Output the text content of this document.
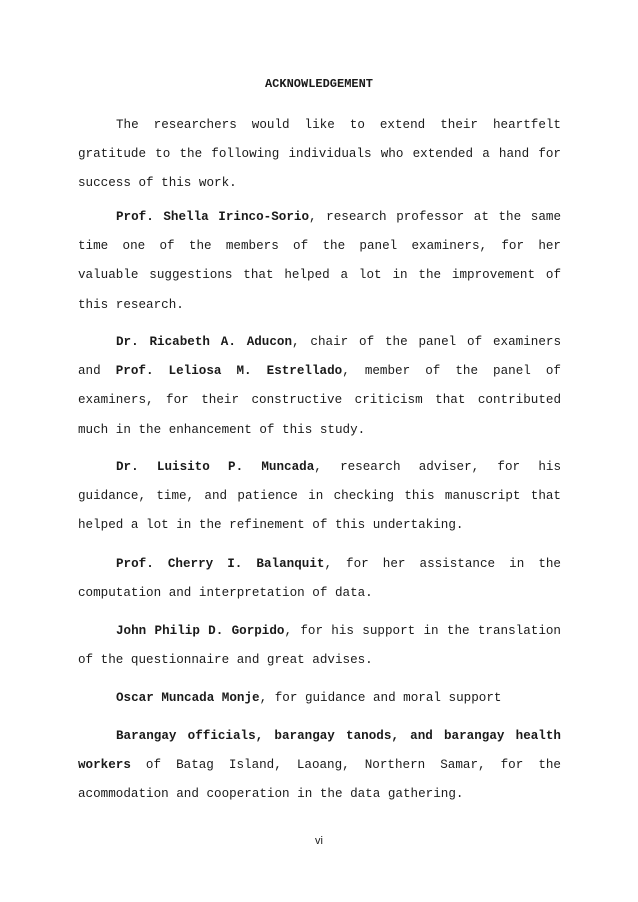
ACKNOWLEDGEMENT

The researchers would like to extend their heartfelt gratitude to the following individuals who extended a hand for success of this work.

Prof. Shella Irinco-Sorio, research professor at the same time one of the members of the panel examiners, for her valuable suggestions that helped a lot in the improvement of this research.

Dr. Ricabeth A. Aducon, chair of the panel of examiners and Prof. Leliosa M. Estrellado, member of the panel of examiners, for their constructive criticism that contributed much in the enhancement of this study.

Dr. Luisito P. Muncada, research adviser, for his guidance, time, and patience in checking this manuscript that helped a lot in the refinement of this undertaking.

Prof. Cherry I. Balanquit, for her assistance in the computation and interpretation of data.

John Philip D. Gorpido, for his support in the translation of the questionnaire and great advises.

Oscar Muncada Monje, for guidance and moral support

Barangay officials, barangay tanods, and barangay health workers of Batag Island, Laoang, Northern Samar, for the acommodation and cooperation in the data gathering.

vi
